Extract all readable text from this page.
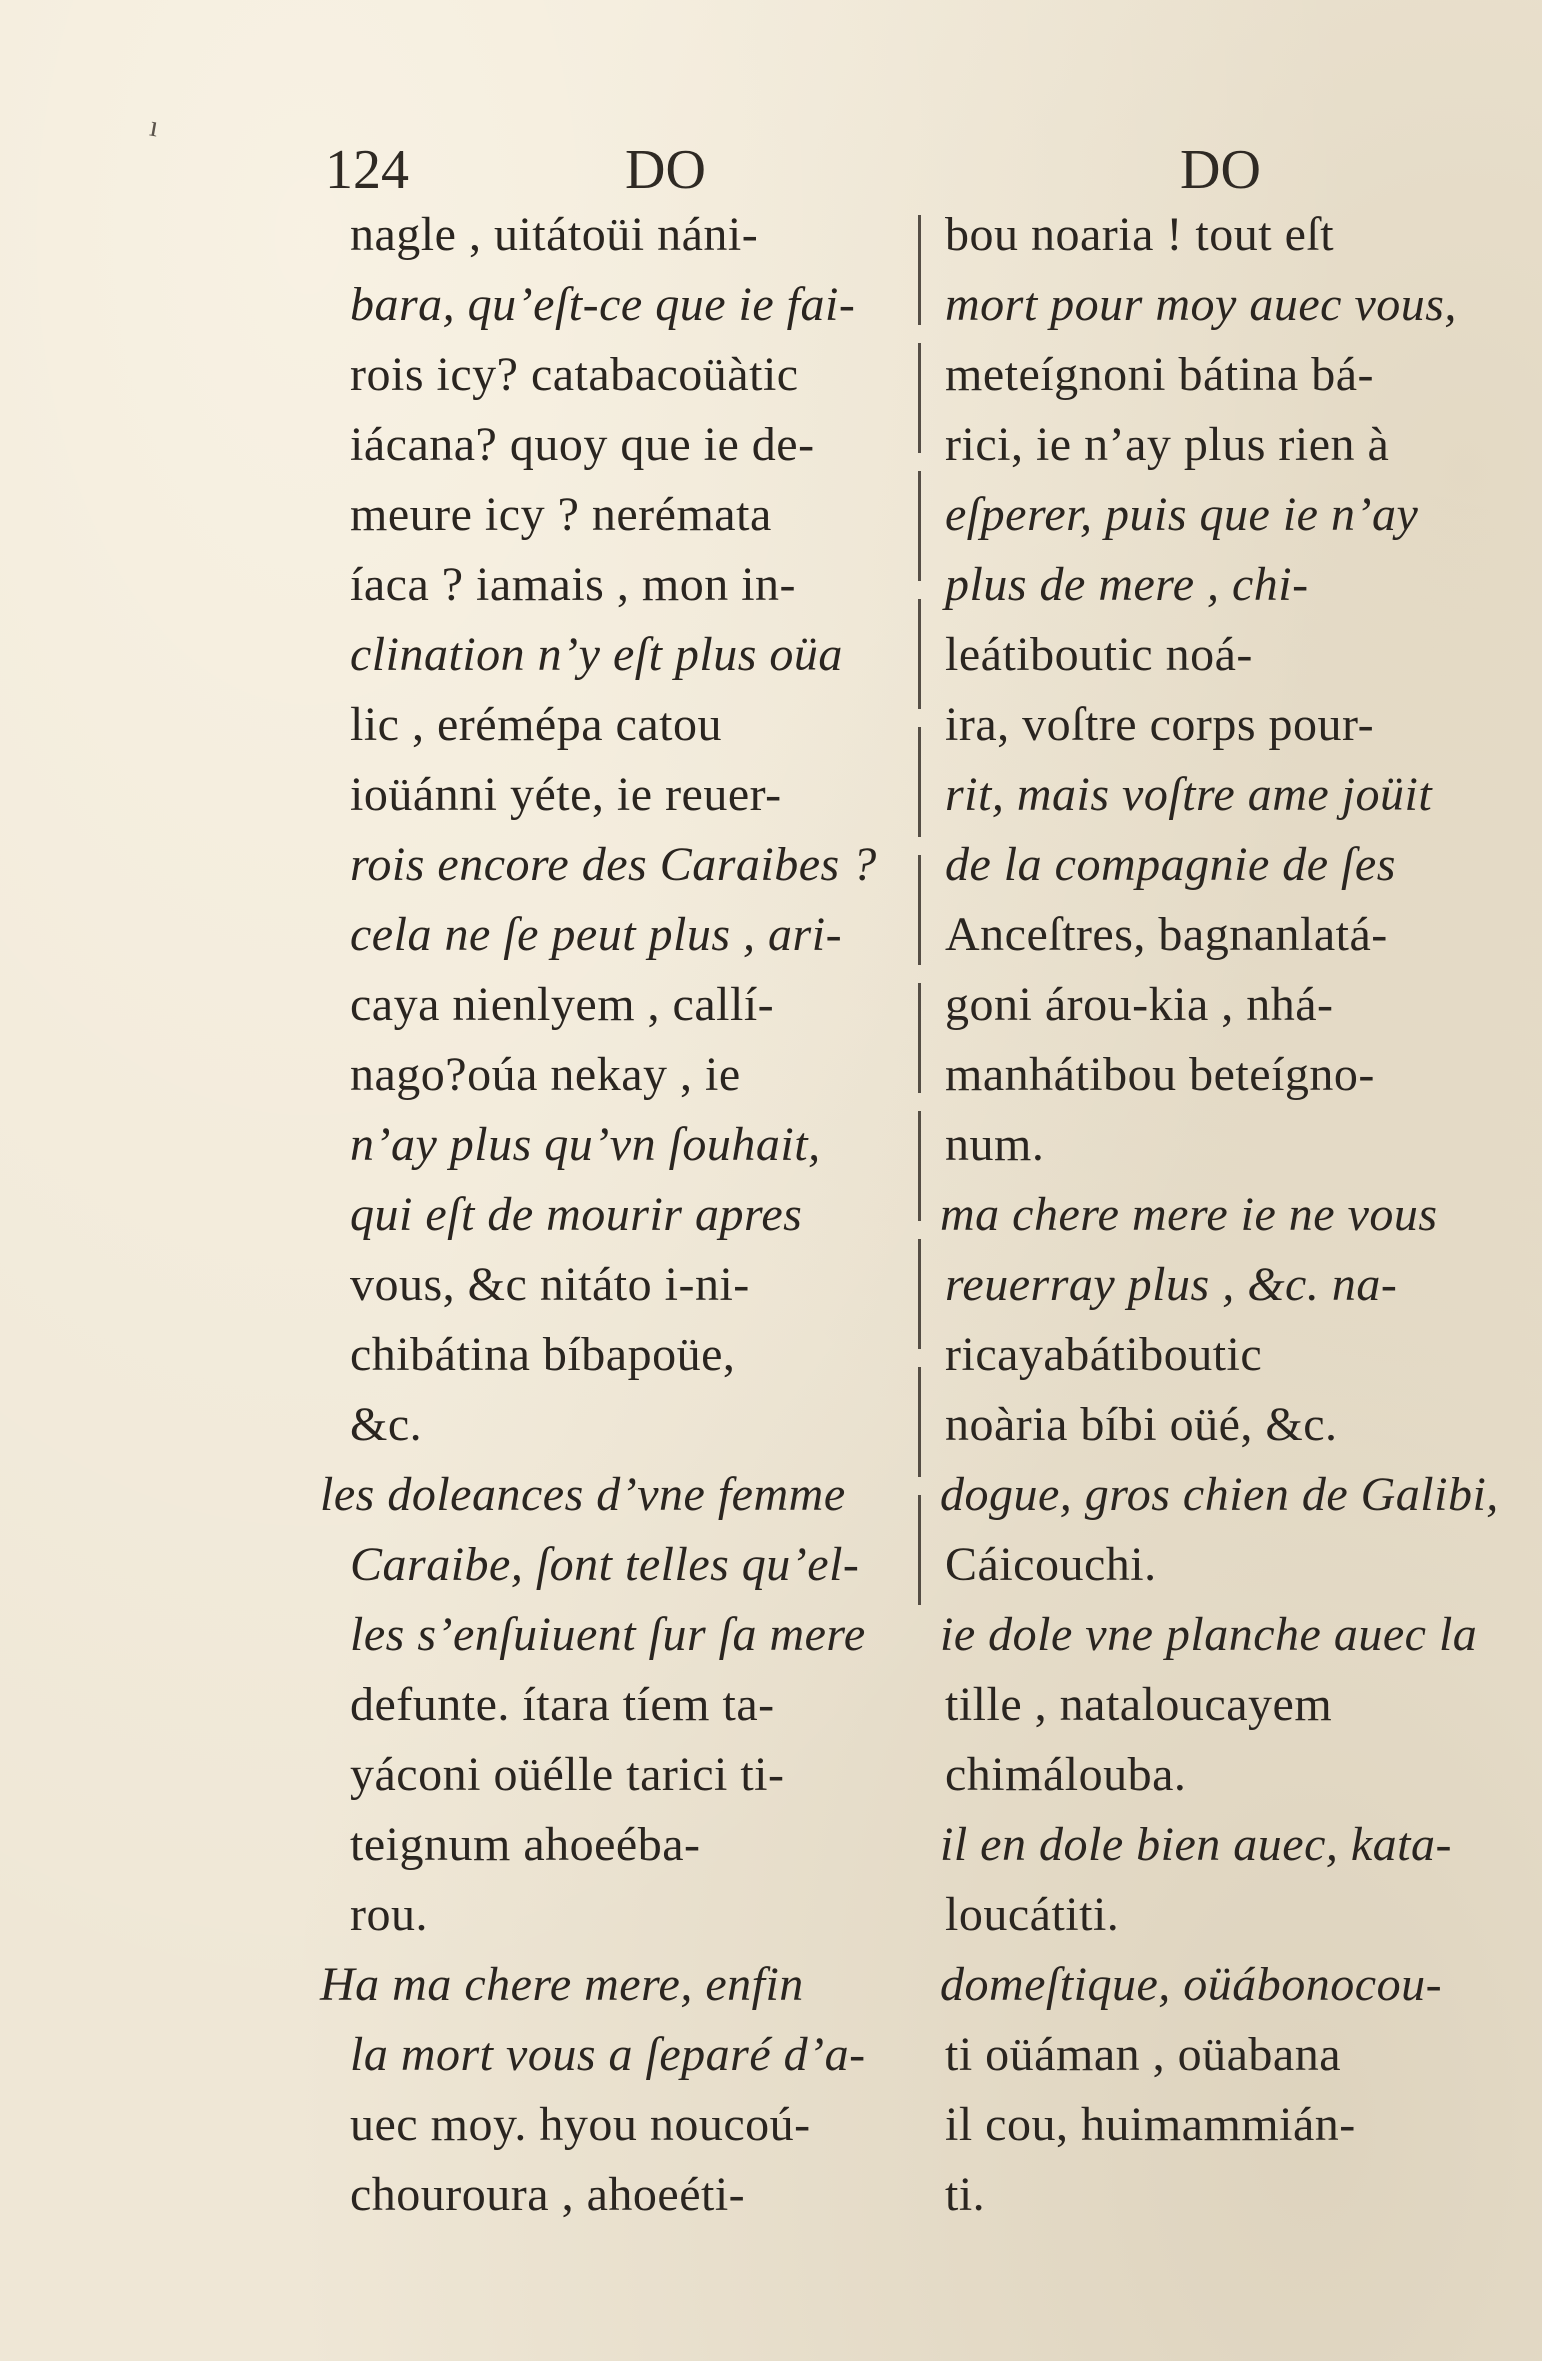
124	DO	DO
nagle , uitátoüi náni-
bara, qu’eſt-ce que ie fai-
rois icy? catabacoüàtic
iácana? quoy que ie de-
meure icy ? nerémata
íaca ? iamais , mon in-
clination n’y eſt plus oüa
lic , eréméра catou
ioüánni yéte, ie reuer-
rois encore des Caraibes ?
cela ne ſe peut plus , ari-
caya nienlyem , callí-
nago?oúa nekay , ie
n’ay plus qu’vn ſouhait,
qui eſt de mourir apres
vous, &c nitáto i-ni-
chibátina bíbapoüe,
&c.
les doleances d’vne femme
Caraibe, ſont telles qu’el-
les s’enſuiuent ſur ſa mere
defunte. ítara tíem ta-
yáconi oüélle tarici ti-
teignum ahoeéba-
rou.
Ha ma chere mere, enfin
la mort vous a ſeparé d’a-
uec moy. hyou noucoú-
chouroura , ahoeéti-
bou noaria ! tout eſt
mort pour moy auec vous,
meteígnoni bátina bá-
rici, ie n’ay plus rien à
eſperer, puis que ie n’ay
plus de mere , chi-
leátiboutic noá-
ira, voſtre corps pour-
rit, mais voſtre ame joüit
de la compagnie de ſes
Anceſtres, bagnanlatá-
goni árou-kia , nhá-
manhátibou beteígno-
num.
ma chere mere ie ne vous
reuerray plus , &c. na-
ricayabátiboutic
noària bíbi oüé, &c.
dogue, gros chien de Galibi,
Cáicouchi.
ie dole vne planche auec la
tille , nataloucayem
chimálouba.
il en dole bien auec, kata-
loucátiti.
domeſtique, oüábonocou-
ti oüáman , oüabana
il cou, huimammián-
ti.
ı
